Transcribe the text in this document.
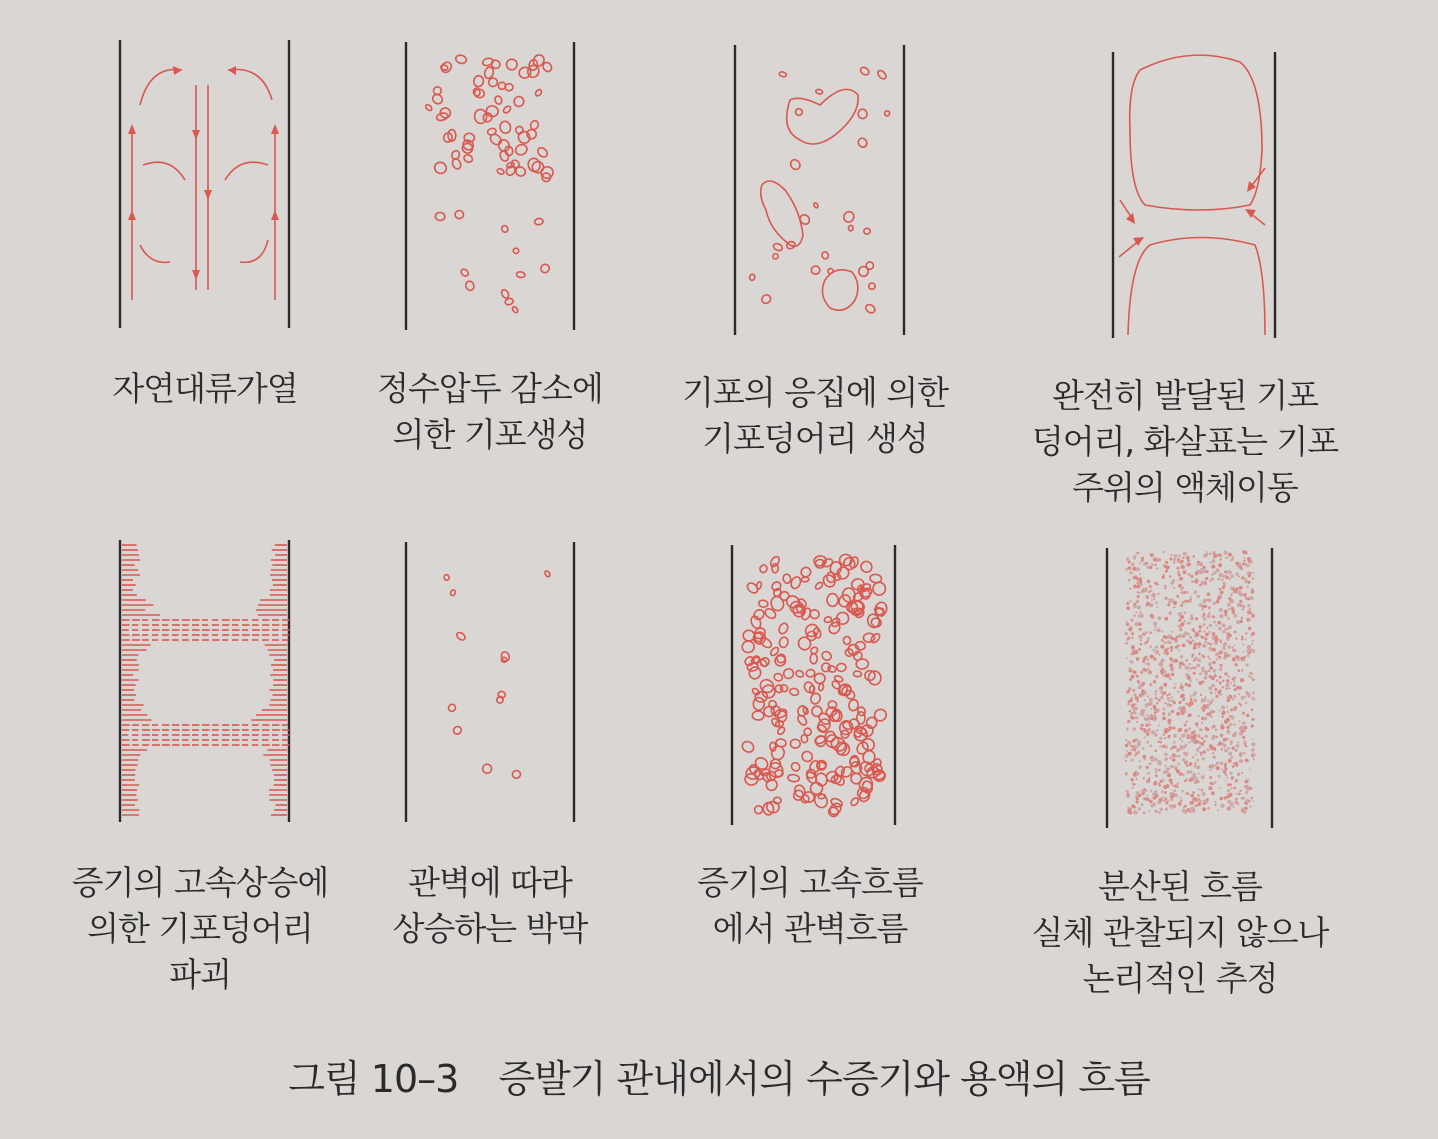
자연대류가열	정수압두 감소에
의한 기포생성
기포의 응집에 의한
기포덩어리 생성
완전히 발달된 기포
덩어리, 화살표는 기포
주위의 액체이동
증기의 고속상승에
의한 기포덩어리
파괴
관벽에 따라
상승하는 박막
증기의 고속흐름
에서 관벽흐름
분산된 흐름
실체 관찰되지 않으나
논리적인 추정
그림 10–3 증발기 관내에서의 수증기와 용액의 흐름
